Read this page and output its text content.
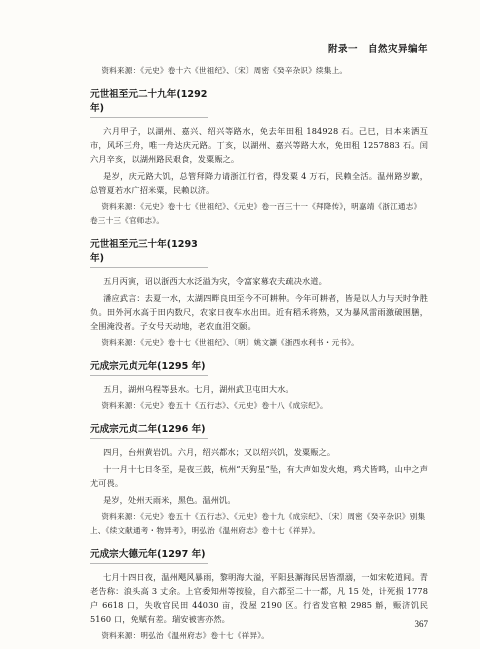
附录一　自然灾异编年
资料来源：《元史》卷十六《世祖纪》、〔宋〕周密《癸辛杂识》续集上。
元世祖至元二十九年(1292 年)
六月甲子，以湖州、嘉兴、绍兴等路水，免去年田租 184928 石。己巳，日本来洒互市，风坏三舟，唯一舟达庆元路。丁亥，以湖州、嘉兴等路大水，免田租 1257883 石。闰六月辛亥，以湖州路民艰食，发粟赈之。
是岁，庆元路大饥，总管拜降力请浙江行省，得发粟 4 万石，民赖全活。温州路岁歉，总管夏若水广招米粟，民赖以济。
资料来源：《元史》卷十七《世祖纪》、《元史》卷一百三十一《拜降传》，明嘉靖《浙江通志》卷三十三《官师志》。
元世祖至元三十年(1293 年)
五月丙寅，诏以浙西大水泛溢为灾，令富家募农夫疏决水道。
潘应武言：去夏一水，太湖四畔良田至今不可耕种。今年可耕者，皆是以人力与天时争胜负。田外河水高于田内数尺，农家日夜车水出田。近有稻禾将熟，又为暴风雷雨激破围膳，全围淹没者。子女号天动地，老农血泪交颐。
资料来源：《元史》卷十七《世祖纪》、〔明〕姚文灏《浙西水利书・元书》。
元成宗元贞元年(1295 年)
五月，湖州乌程等县水。七月，湖州武卫屯田大水。
资料来源：《元史》卷五十《五行志》、《元史》卷十八《成宗纪》。
元成宗元贞二年(1296 年)
四月，台州黄岩饥。六月，绍兴都水；又以绍兴饥，发粟赈之。
十一月十七日冬至，是夜三鼓，杭州“天狗星”坠，有大声如发火炮，鸡犬皆鸣，山中之声尤可畏。
是岁，处州天雨米，黑色。温州饥。
资料来源：《元史》卷五十《五行志》、《元史》卷十九《成宗纪》、〔宋〕周密《癸辛杂识》别集上、《续文献通考・物异考》，明弘治《温州府志》卷十七《祥异》。
元成宗大德元年(1297 年)
七月十四日夜，温州飓风暴雨，黎明海大溢，平阳县澥海民居皆漂溺，一如宋乾道间。青老告称：浪头高 3 丈余。上官委知州等按验，自六都至二十一都，凡 15 处，计死损 1778 户 6618 口，失收官民田 44030 亩，没屋 2190 区。行省发官粮 2985 斛，赈济饥民 5160 口，免赋有差。瑞安被害亦然。
资料来源：明弘治《温州府志》卷十七《祥异》。
367
